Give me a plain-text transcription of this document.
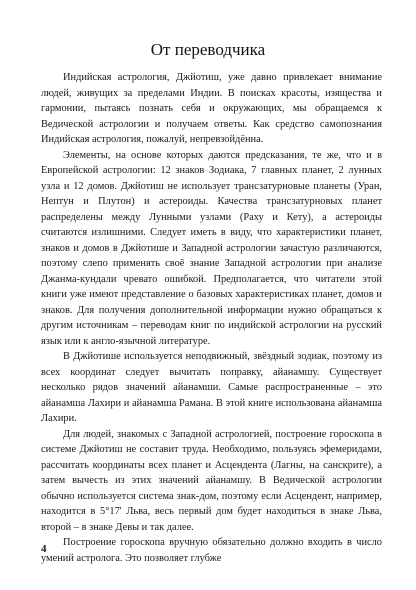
От переводчика

Индийская астрология, Джйотиш, уже давно привлекает внимание людей, живущих за пределами Индии. В поисках красоты, изящества и гармонии, пытаясь познать себя и окружающих, мы обращаемся к Ведической астрологии и получаем ответы. Как средство самопознания Индийская астрология, пожалуй, непревзойдённа.

Элементы, на основе которых даются предсказания, те же, что и в Европейской астрологии: 12 знаков Зодиака, 7 главных планет, 2 лунных узла и 12 домов. Джйотиш не использует трансзатурновые планеты (Уран, Нептун и Плутон) и астероиды. Качества трансзатурновых планет распределены между Лунными узлами (Раху и Кету), а астероиды считаются излишними. Следует иметь в виду, что характеристики планет, знаков и домов в Джйотише и Западной астрологии зачастую различаются, поэтому слепо применять своё знание Западной астрологии при анализе Джанма-кундали чревато ошибкой. Предполагается, что читатели этой книги уже имеют представление о базовых характеристиках планет, домов и знаков. Для получения дополнительной информации нужно обращаться к другим источникам – переводам книг по индийской астрологии на русский язык или к англо-язычной литературе.

В Джйотише используется неподвижный, звёздный зодиак, поэтому из всех координат следует вычитать поправку, айанамшу. Существует несколько рядов значений айанамши. Самые распространенные – это айанамша Лахири и айанамша Рамана. В этой книге использована айанамша Лахири.

Для людей, знакомых с Западной астрологией, построение гороскопа в системе Джйотиш не составит труда. Необходимо, пользуясь эфемеридами, рассчитать координаты всех планет и Асцендента (Лагны, на санскрите), а затем вычесть из этих значений айанамшу. В Ведической астрологии обычно используется система знак-дом, поэтому если Асцендент, например, находится в 5°17' Льва, весь первый дом будет находиться в знаке Льва, второй – в знаке Девы и так далее.

Построение гороскопа вручную обязательно должно входить в число умений астролога. Это позволяет глубже

4
